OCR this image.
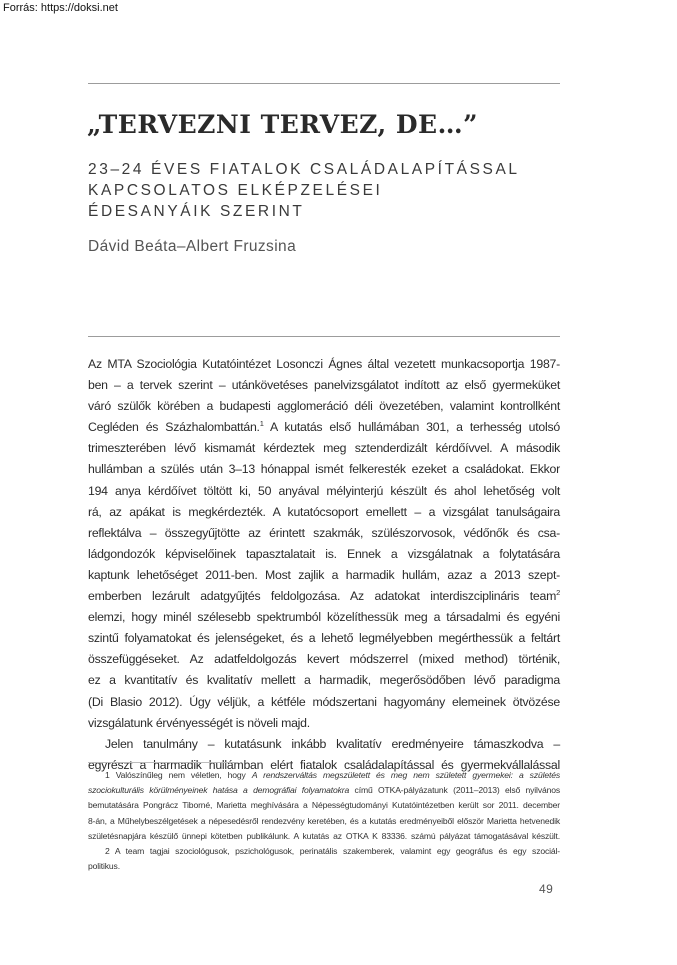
Forrás: https://doksi.net
„TERVEZNI TERVEZ, DE…”
23–24 ÉVES FIATALOK CSALÁDALAPÍTÁSSAL
KAPCSOLATOS ELKÉPZELÉSEI
ÉDESANYÁIK SZERINT
Dávid Beáta–Albert Fruzsina
Az MTA Szociológia Kutatóintézet Losonczi Ágnes által vezetett munkacsoportja 1987-
ben – a tervek szerint – utánkövetéses panelvizsgálatot indított az első gyermeküket
váró szülők körében a budapesti agglomeráció déli övezetében, valamint kontrollként
Cegléden és Százhalombattán.$^1$ A kutatás első hullámában 301, a terhesség utolsó
trimeszterében lévő kismamát kérdeztek meg sztenderdizált kérdőívvel. A második
hullámban a szülés után 3–13 hónappal ismét felkeresték ezeket a családokat. Ekkor
194 anya kérdőívet töltött ki, 50 anyával mélyinterjú készült és ahol lehetőség volt
rá, az apákat is megkérdezték. A kutatócsoport emellett – a vizsgálat tanulságaira
reflektálva – összegyűjtötte az érintett szakmák, szülészorvosok, védőnők és csa-
ládgondozók képviselőinek tapasztalatait is. Ennek a vizsgálatnak a folytatására
kaptunk lehetőséget 2011-ben. Most zajlik a harmadik hullám, azaz a 2013 szept-
emberben lezárult adatgyűjtés feldolgozása. Az adatokat interdiszciplináris team$^2$
elemzi, hogy minél szélesebb spektrumból közelíthessük meg a társadalmi és egyéni
szintű folyamatokat és jelenségeket, és a lehető legmélyebben megérthessük a feltárt
összefüggéseket. Az adatfeldolgozás kevert módszerrel (mixed method) történik,
ez a kvantitatív és kvalitatív mellett a harmadik, megerősödőben lévő paradigma
(Di Blasio 2012). Úgy véljük, a kétféle módszertani hagyomány elemeinek ötvözése
vizsgálatunk érvényességét is növeli majd.
Jelen tanulmány – kutatásunk inkább kvalitatív eredményeire támaszkodva –
egyrészt a harmadik hullámban elért fiatalok családalapítással és gyermekvállalással
1 Valószínűleg nem véletlen, hogy A rendszerváltás megszületett és meg nem született gyermekei: a születés
szociokulturális körülményeinek hatása a demográfiai folyamatokra című OTKA-pályázatunk (2011–2013) első nyilvános
bemutatására Pongrácz Tiborné, Marietta meghívására a Népességtudományi Kutatóintézetben került sor 2011. december
8-án, a Műhelybeszélgetések a népesedésről rendezvény keretében, és a kutatás eredményeiből először Marietta hetvenedik
születésnapjára készülő ünnepi kötetben publikálunk. A kutatás az OTKA K 83336. számú pályázat támogatásával készült.
2 A team tagjai szociológusok, pszichológusok, perinatális szakemberek, valamint egy geográfus és egy szociál-
politikus.
49
